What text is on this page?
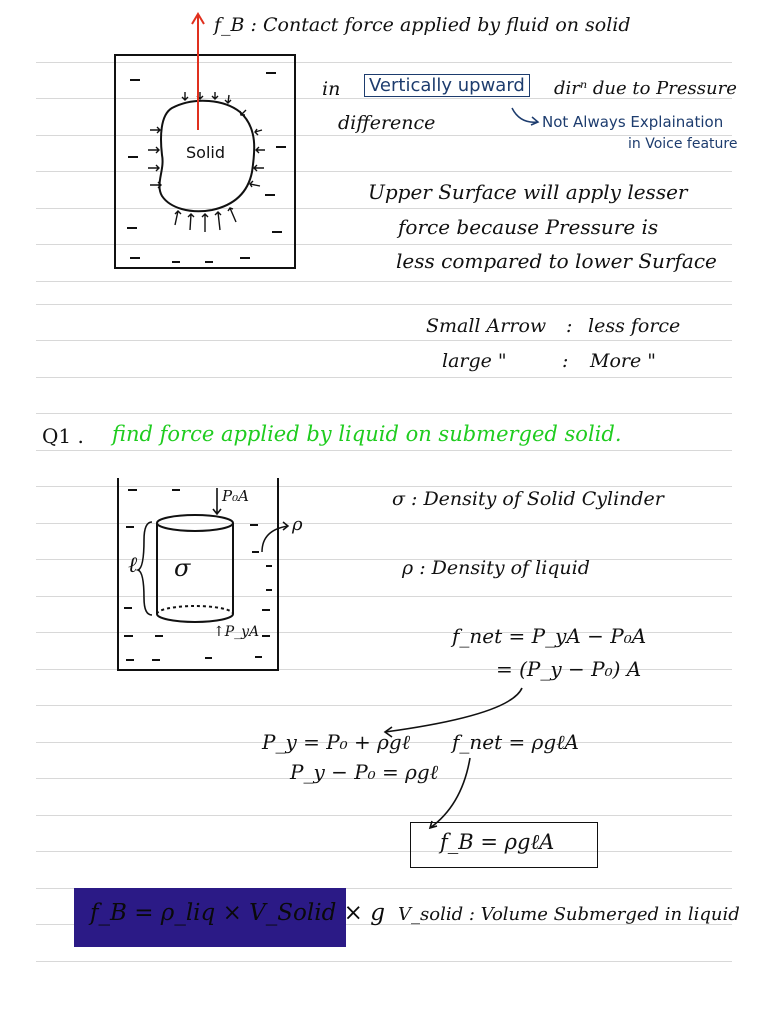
f_B : Contact force applied by fluid on solid
Solid
in Vertically upward dirⁿ due to Pressure
difference	Not Always Explaination
in Voice feature
Upper Surface will apply lesser
force because Pressure is
less compared to lower Surface
Small Arrow : less force
large "	: More "
Q1 . find force applied by liquid on submerged solid.
P₀A
↑P_yA
ℓ σ
ρ
σ : Density of Solid Cylinder
ρ : Density of liquid
f_net = P_yA − P₀A
= (P_y − P₀) A
P_y = P₀ + ρgℓ
P_y − P₀ = ρgℓ
f_net = ρgℓA
f_B = ρgℓA
f_B = ρ_liq × V_Solid × g V_solid : Volume Submerged in liquid
